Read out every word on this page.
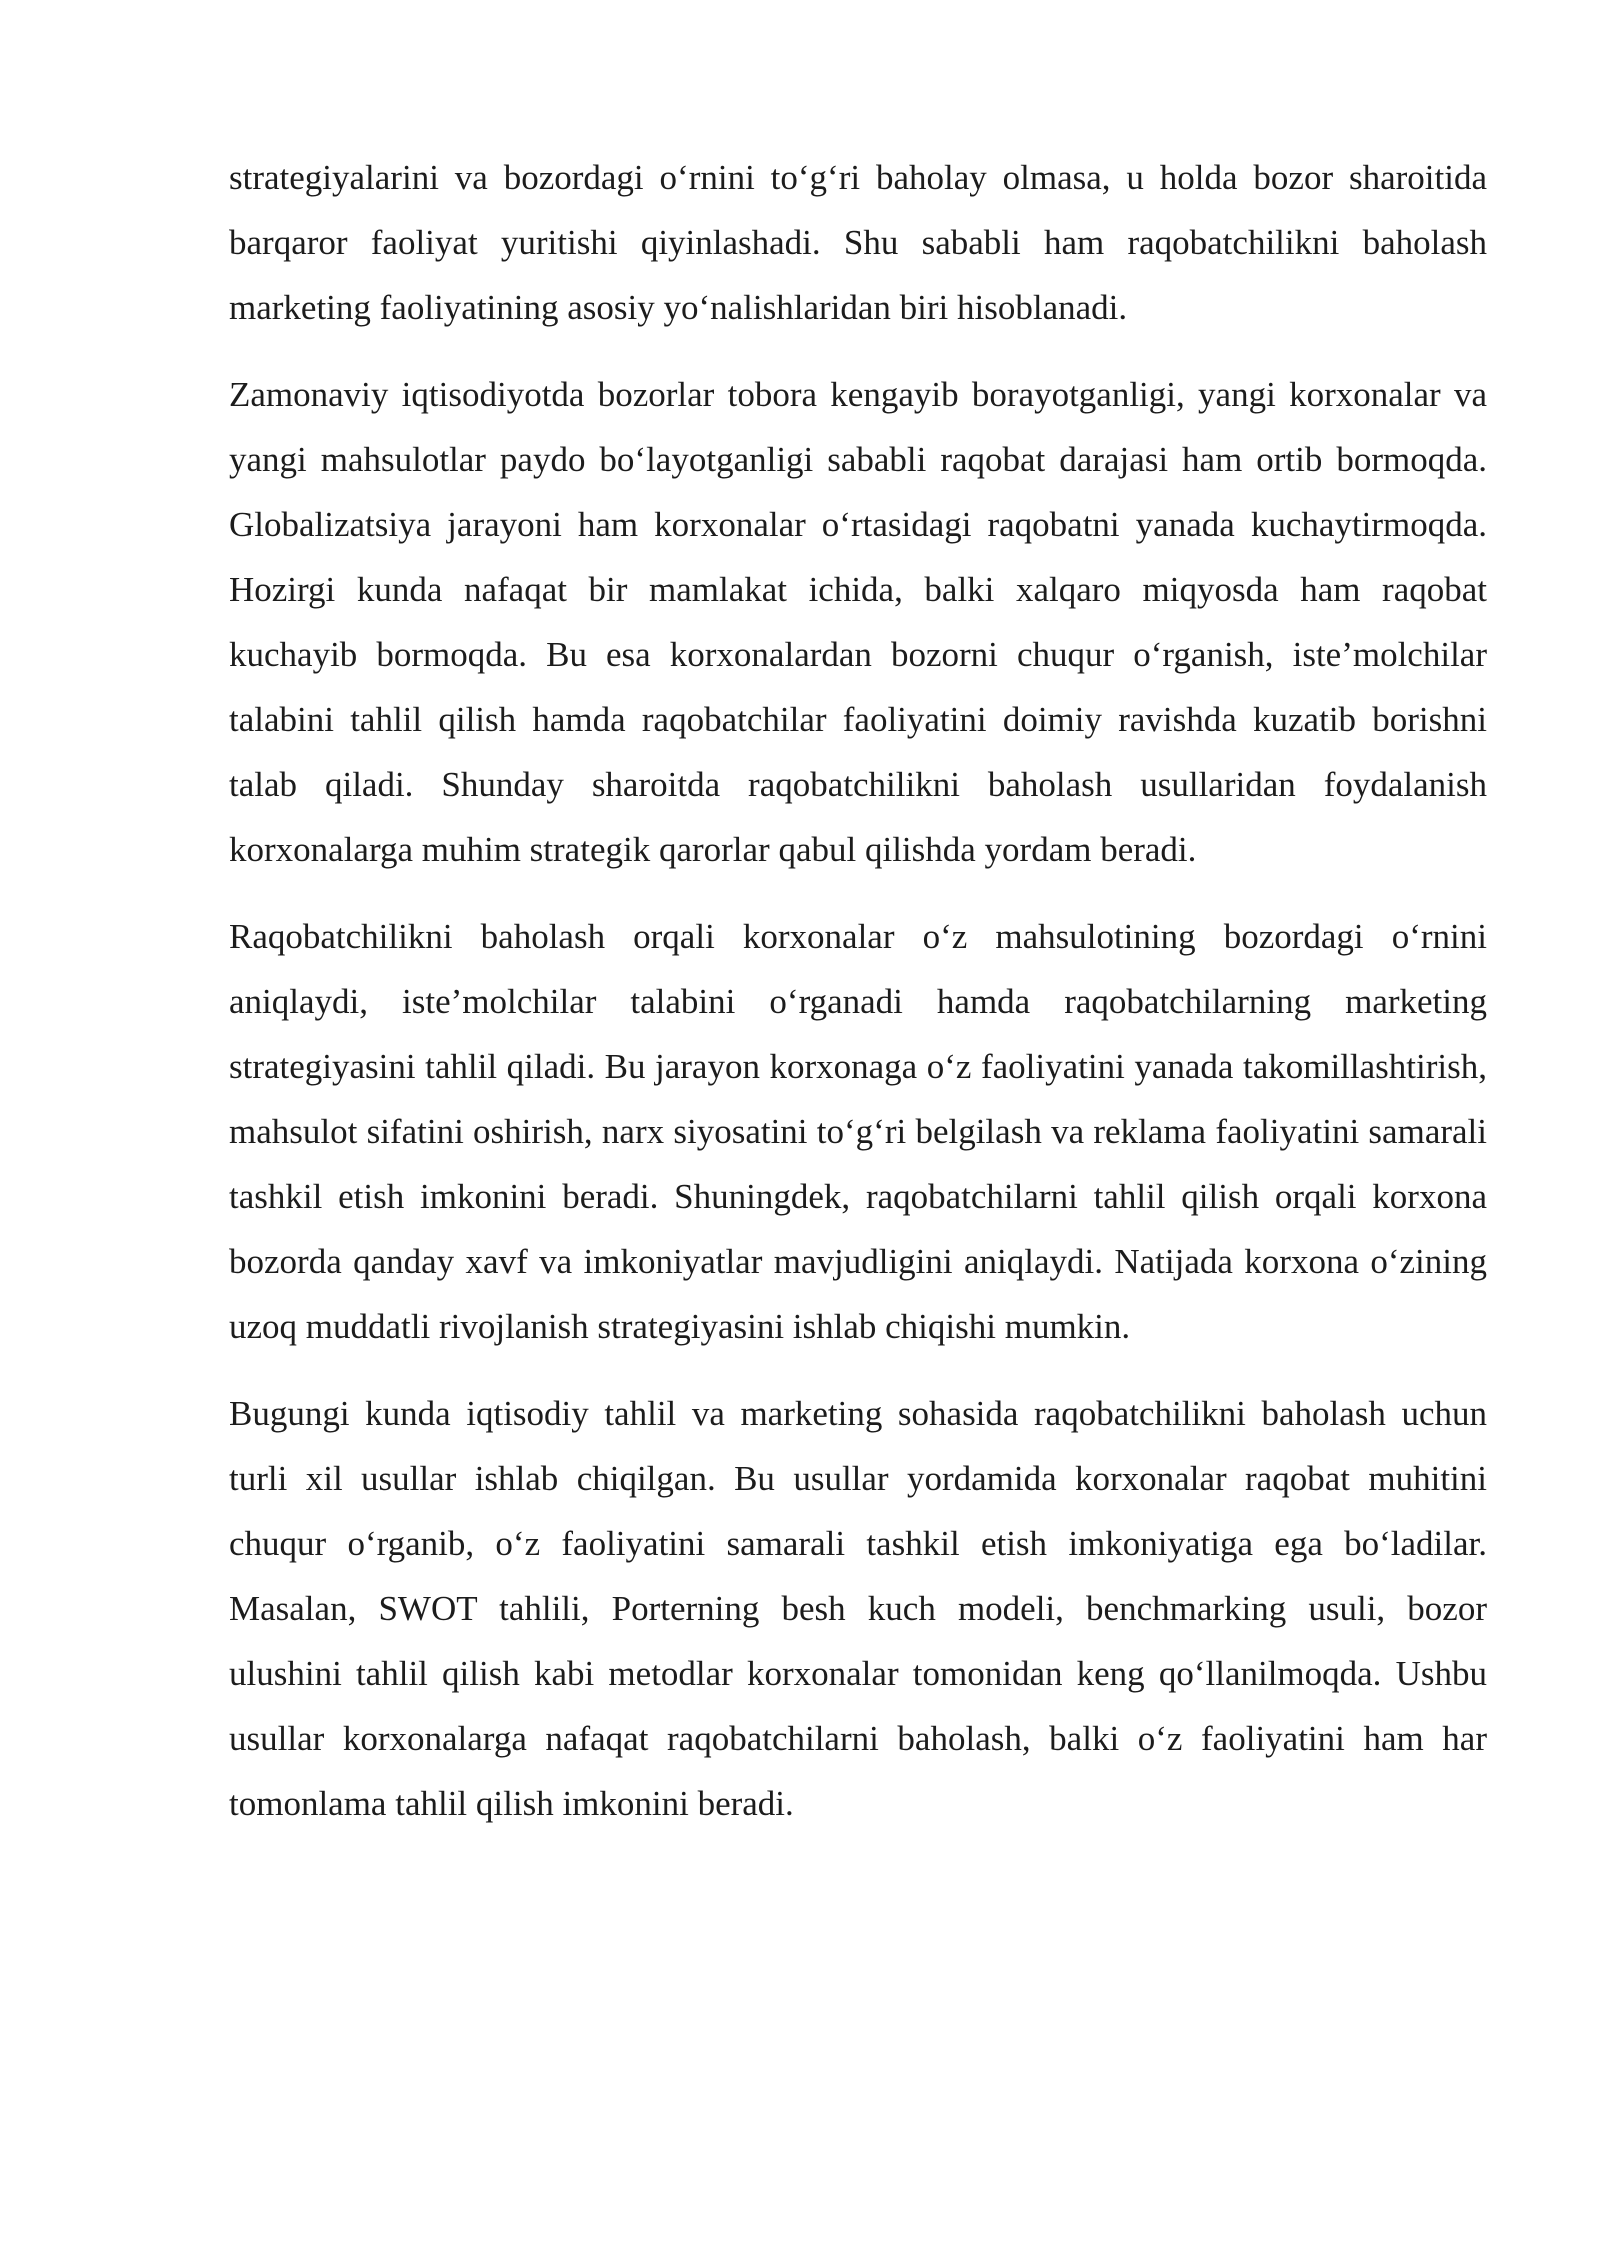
strategiyalarini va bozordagi o‘rnini to‘g‘ri baholay olmasa, u holda bozor sharoitida barqaror faoliyat yuritishi qiyinlashadi. Shu sababli ham raqobatchilikni baholash marketing faoliyatining asosiy yo‘nalishlaridan biri hisoblanadi.

Zamonaviy iqtisodiyotda bozorlar tobora kengayib borayotganligi, yangi korxonalar va yangi mahsulotlar paydo bo‘layotganligi sababli raqobat darajasi ham ortib bormoqda. Globalizatsiya jarayoni ham korxonalar o‘rtasidagi raqobatni yanada kuchaytirmoqda. Hozirgi kunda nafaqat bir mamlakat ichida, balki xalqaro miqyosda ham raqobat kuchayib bormoqda. Bu esa korxonalardan bozorni chuqur o‘rganish, iste’molchilar talabini tahlil qilish hamda raqobatchilar faoliyatini doimiy ravishda kuzatib borishni talab qiladi. Shunday sharoitda raqobatchilikni baholash usullaridan foydalanish korxonalarga muhim strategik qarorlar qabul qilishda yordam beradi.

Raqobatchilikni baholash orqali korxonalar o‘z mahsulotining bozordagi o‘rnini aniqlaydi, iste’molchilar talabini o‘rganadi hamda raqobatchilarning marketing strategiyasini tahlil qiladi. Bu jarayon korxonaga o‘z faoliyatini yanada takomillashtirish, mahsulot sifatini oshirish, narx siyosatini to‘g‘ri belgilash va reklama faoliyatini samarali tashkil etish imkonini beradi. Shuningdek, raqobatchilarni tahlil qilish orqali korxona bozorda qanday xavf va imkoniyatlar mavjudligini aniqlaydi. Natijada korxona o‘zining uzoq muddatli rivojlanish strategiyasini ishlab chiqishi mumkin.

Bugungi kunda iqtisodiy tahlil va marketing sohasida raqobatchilikni baholash uchun turli xil usullar ishlab chiqilgan. Bu usullar yordamida korxonalar raqobat muhitini chuqur o‘rganib, o‘z faoliyatini samarali tashkil etish imkoniyatiga ega bo‘ladilar. Masalan, SWOT tahlili, Porterning besh kuch modeli, benchmarking usuli, bozor ulushini tahlil qilish kabi metodlar korxonalar tomonidan keng qo‘llanilmoqda. Ushbu usullar korxonalarga nafaqat raqobatchilarni baholash, balki o‘z faoliyatini ham har tomonlama tahlil qilish imkonini beradi.
